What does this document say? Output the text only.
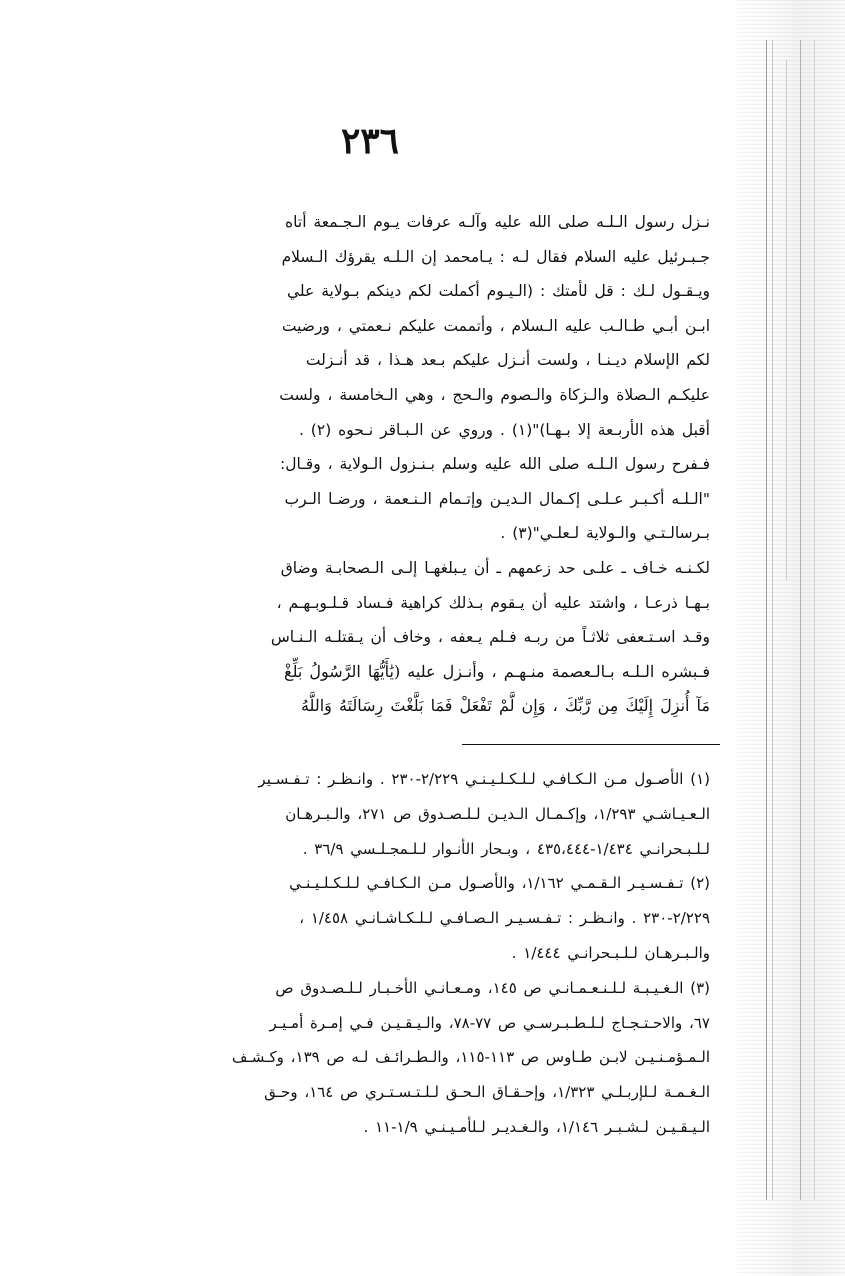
٢٣٦
نـزل رسول الـلـه صلى الله عليه وآلـه عرفات يـوم الـجـمعة أتاه
جـبـرئيل عليه السلام فقال لـه : يـامحمد إن الـلـه يقرؤك الـسلام
ويـقـول لـك : قل لأمتك : (الـيـوم أكملت لكم دينكم بـولاية علي
ابـن أبـي طـالـب عليه الـسلام ، وأتممت عليكم نـعمتي ، ورضيت
لكم الإسلام ديـنـا ، ولست أنـزل عليكم بـعد هـذا ، قد أنـزلت
عليكـم الـصلاة والـزكاة والـصوم والـحج ، وهي الـخامسة ، ولست
أقبل هذه الأربـعة إلا بـهـا)"(١) . وروي عن الـبـاقر نـحوه (٢) .
فـفرح رسول الـلـه صلى الله عليه وسلم بـنـزول الـولاية ، وقـال:
"الـلـه أكـبـر عـلـى إكـمال الـديـن وإتـمام الـنـعمة ، ورضـا الـرب
بـرسالـتـي والـولاية لـعلـي"(٣) .
لكـنـه خـاف ـ علـى حد زعمهم ـ أن يـبلغهـا إلـى الـصحابـة وضاق
بـهـا ذرعـا ، واشتد عليه أن يـقوم بـذلك كراهية فـساد قـلـوبـهـم ،
وقـد اسـتـعفى ثلاثـاً من ربـه فـلم يـعفه ، وخاف أن يـقتلـه الـنـاس
فـبشره الـلـه بـالـعصمة منـهـم ، وأنـزل عليه (يَٰأَيُّهَا الرَّسُولُ بَلِّغْ
مَآ أُنزِلَ إِلَيْكَ مِن رَّبِّكَ ، وَإِن لَّمْ تَفْعَلْ فَمَا بَلَّغْتَ رِسَالَتَهُ وَاللَّهُ
(١) الأصـول مـن الـكـافـي لـلـكـلـيـنـي ٢/٢٢٩-٢٣٠ . وانـظـر : تـفـسـير
الـعـيـاشـي ١/٢٩٣، وإكـمـال الـديـن لـلـصـدوق ص ٢٧١، والـبـرهـان
لـلـبـحرانـي ١/٤٣٤-٤٣٥،٤٤٤ ، وبـحار الأنـوار لـلـمجـلـسي ٣٦/٩ .
(٢) تـفـسـيـر الـقـمـي ١/١٦٢، والأصـول مـن الـكـافـي لـلـكـلـيـنـي
٢/٢٢٩-٢٣٠ . وانـظـر : تـفـسـيـر الـصـافـي لـلـكـاشـانـي ١/٤٥٨ ،
والـبـرهـان لـلـبـحرانـي ١/٤٤٤ .
(٣) الـغـيـبـة لـلـنـعـمـانـي ص ١٤٥، ومـعـانـي الأخـبـار لـلـصـدوق ص
٦٧، والاحـتـجـاج لـلـطـبـرسـي ص ٧٧-٧٨، والـيـقـيـن فـي إمـرة أمـيـر
الـمـؤمـنـيـن لابـن طـاوس ص ١١٣-١١٥، والـطـرائـف لـه ص ١٣٩، وكـشـف
الـغـمـة لـلإربـلـي ١/٣٢٣، وإحـقـاق الـحـق لـلـتـسـتـري ص ١٦٤، وحـق
الـيـقـيـن لـشـبـر ١/١٤٦، والـغـديـر لـلأمـيـنـي ١/٩-١١ .
